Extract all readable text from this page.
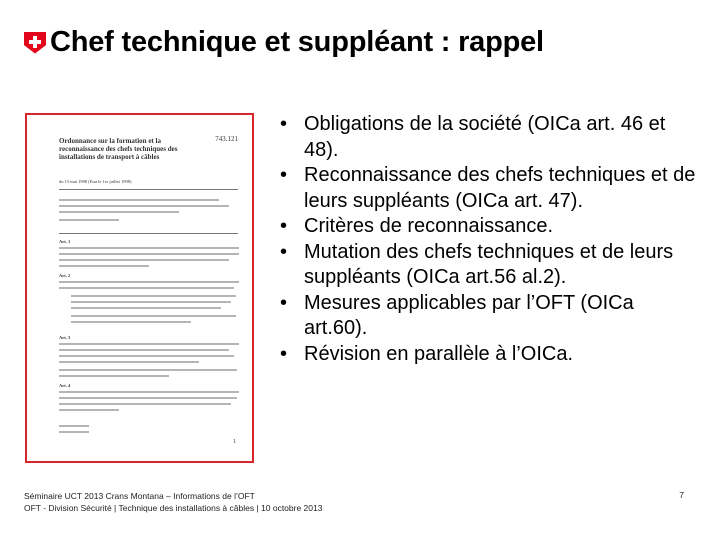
Chef technique et suppléant : rappel
743.121
Ordonnance sur la formation et la reconnaissance des chefs techniques des installations de transport à câbles
du 15 mai 1998 (Etat le 1er juillet 1998)
Art. 1
Art. 2
Art. 3
Art. 4
1
• Obligations de la société (OICa art. 46 et 48).
• Reconnaissance des chefs techniques et de leurs suppléants (OICa art. 47).
• Critères de reconnaissance.
• Mutation des chefs techniques et de leurs suppléants (OICa art.56 al.2).
• Mesures applicables par l’OFT (OICa art.60).
• Révision en parallèle à l’OICa.
Séminaire UCT 2013 Crans Montana – Informations de l’OFT
OFT - Division Sécurité | Technique des installations à câbles | 10 octobre 2013
7
